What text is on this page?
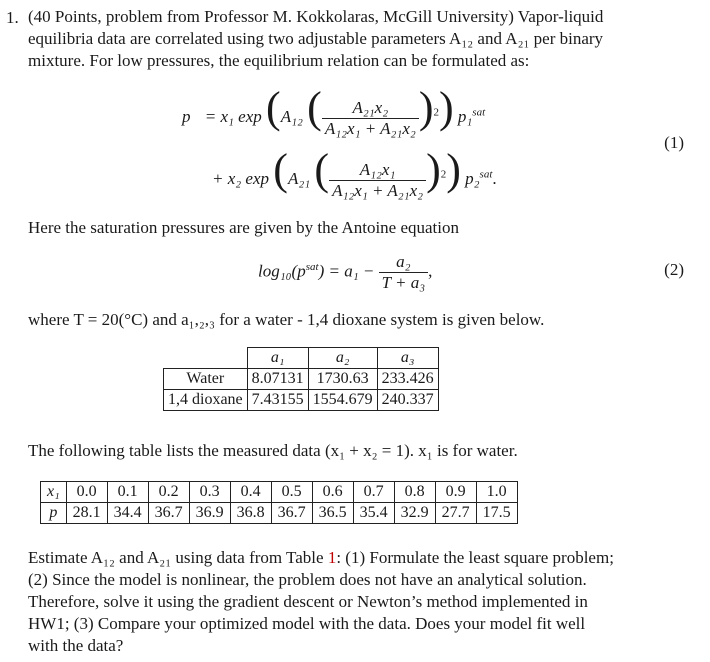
1. (40 Points, problem from Professor M. Kokkolaras, McGill University) Vapor-liquid
equilibria data are correlated using two adjustable parameters A₁₂ and A₂₁ per binary
mixture. For low pressures, the equilibrium relation can be formulated as:
p = x₁ exp (A₁₂ ( $\frac{\text{A₂₁x₂}}{\text{A₁₂x₁ + A₂₁x₂}} )^2$) p₁$^{sat}$
+ x₂ exp (A₂₁ ( $\frac{\text{A₁₂x₁}}{\text{A₁₂x₁ + A₂₁x₂}} )^2$) p₂$^{sat}$.
(1)
Here the saturation pressures are given by the Antoine equation
$\log_{10}(p^{sat}) = a_1 - \frac{\text{a₂}}{\text{T + a₃}}$ ,	(2)
where T = 20(°C) and a₁,₂,₃ for a water - 1,4 dioxane system is given below.
	a₁	a₂	a₃
Water	8.07131	1730.63	233.426
1,4 dioxane	7.43155	1554.679	240.337
The following table lists the measured data (x₁ + x₂ = 1). x₁ is for water.
x₁	0.0	0.1	0.2	0.3	0.4	0.5	0.6	0.7	0.8	0.9	1.0
p	28.1	34.4	36.7	36.9	36.8	36.7	36.5	35.4	32.9	27.7	17.5
Estimate A₁₂ and A₂₁ using data from Table 1: (1) Formulate the least square problem;
(2) Since the model is nonlinear, the problem does not have an analytical solution.
Therefore, solve it using the gradient descent or Newton’s method implemented in
HW1; (3) Compare your optimized model with the data. Does your model fit well
with the data?
